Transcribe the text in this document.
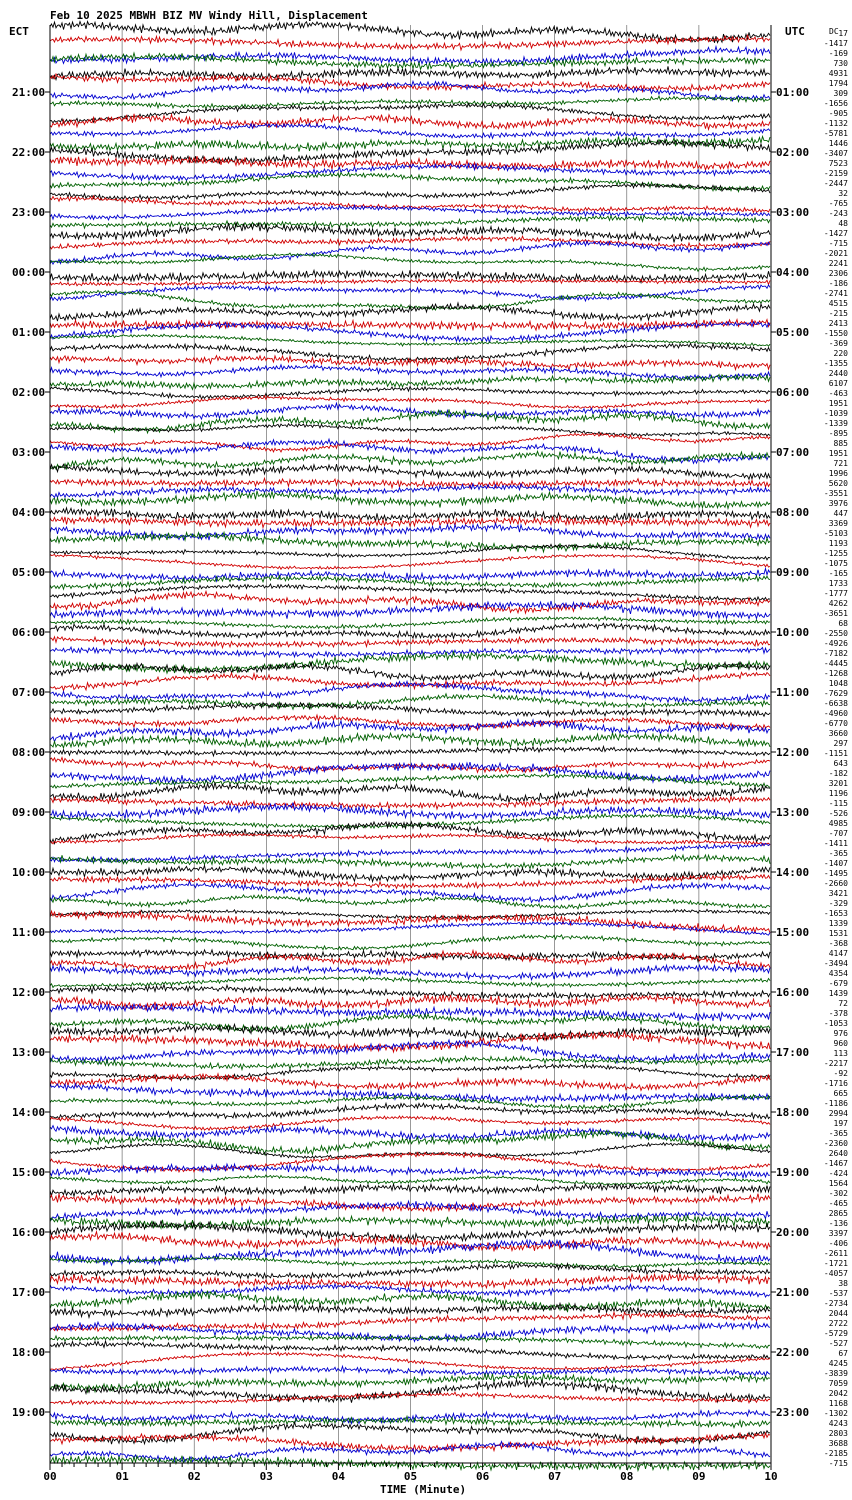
Feb 10 2025 MBWH BIZ MV Windy Hill, Displacement
ECT	UTC
00	01	02	03	04	05	06	07	08	09	10
21:00
22:00
23:00
00:00
01:00
02:00
03:00
04:00
05:00
06:00
07:00
08:00
09:00
10:00
11:00
12:00
13:00
14:00
15:00
16:00
17:00
18:00
19:00
01:00
02:00
03:00
04:00
05:00
06:00
07:00
08:00
09:00
10:00
11:00
12:00
13:00
14:00
15:00
16:00
17:00
18:00
19:00
20:00
21:00
22:00
23:00
DC 17
-1417
-169
730
4931
1794
309
-1656
-905
-1132
-5781
1446
-3407
7523
-2159
-2447
32
-765
-243
48
-1427
-715
-2021
2241
2306
-186
-2741
4515
-215
2413
-1550
-369
220
-1355
2440
6107
-463
1951
-1039
-1339
-895
885
1951
721
1996
5620
-3551
3976
447
3369
-5103
1193
-1255
-1075
-165
1733
-1777
4262
-3651
68
-2550
-4926
-7182
-4445
-1268
1048
-7629
-6638
-4960
-6770
3660
297
-1151
643
-182
3201
1196
-115
-526
4985
-707
-1411
-365
-1407
-1495
-2660
3421
-329
-1653
1339
1531
-368
4147
-3494
4354
-679
1439
72
-378
-1053
976
960
113
-2217
-92
-1716
665
-1186
2994
197
-365
-2360
2640
-1467
-424
1564
-302
-465
2865
-136
3397
-406
-2611
-1721
-4057
38
-537
-2734
2044
2722
-5729
-527
67
4245
-3839
7059
2042
1168
-1302
4243
2803
3688
-2185
-715
TIME (Minute)
